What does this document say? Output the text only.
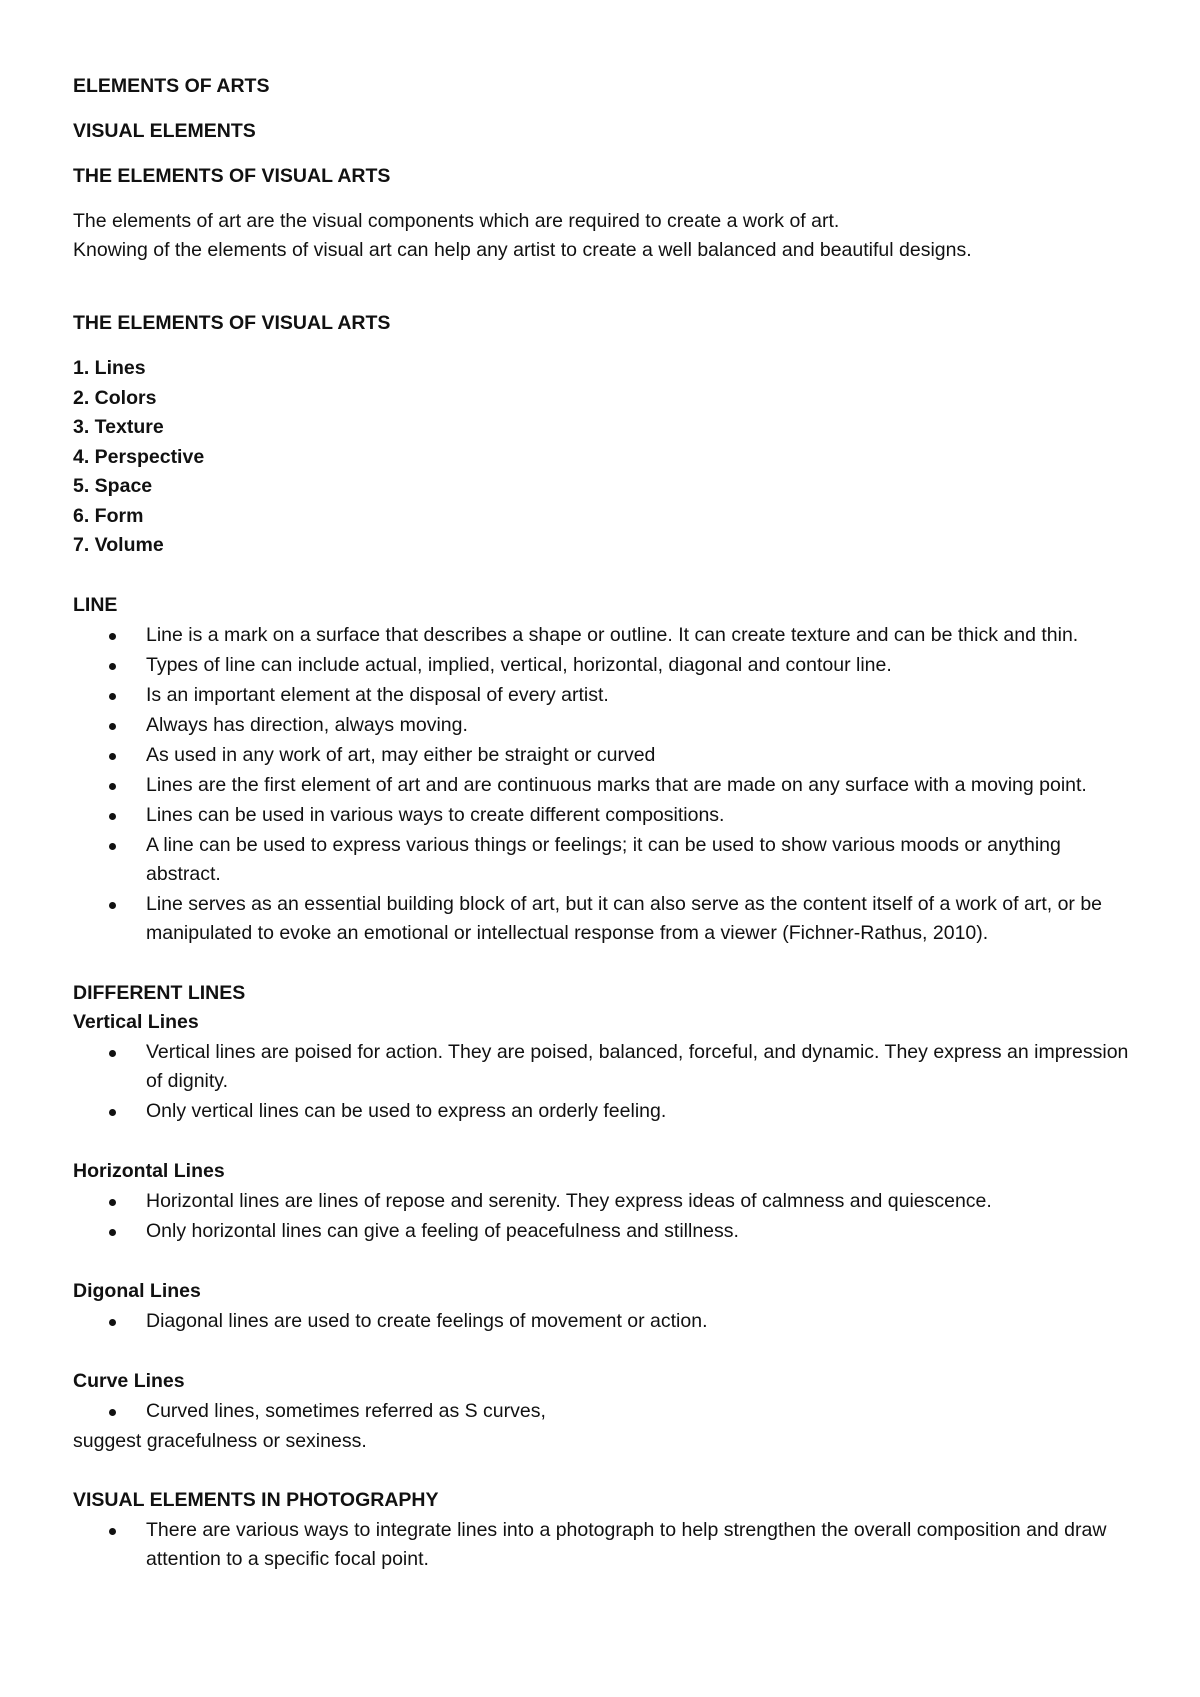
ELEMENTS OF ARTS

VISUAL ELEMENTS

THE ELEMENTS OF VISUAL ARTS

The elements of art are the visual components which are required to create a work of art.

Knowing of the elements of visual art can help any artist to create a well balanced and beautiful designs.

THE ELEMENTS OF VISUAL ARTS

1. Lines
2. Colors
3. Texture
4. Perspective
5. Space
6. Form
7. Volume

LINE

Line is a mark on a surface that describes a shape or outline. It can create texture and can be thick and thin.
Types of line can include actual, implied, vertical, horizontal, diagonal and contour line.
Is an important element at the disposal of every artist.
Always has direction, always moving.
As used in any work of art, may either be straight or curved
Lines are the first element of art and are continuous marks that are made on any surface with a moving point.
Lines can be used in various ways to create different compositions.
A line can be used to express various things or feelings; it can be used to show various moods or anything abstract.
Line serves as an essential building block of art, but it can also serve as the content itself of a work of art, or be manipulated to evoke an emotional or intellectual response from a viewer (Fichner-Rathus, 2010).

DIFFERENT LINES

Vertical Lines

Vertical lines are poised for action. They are poised, balanced, forceful, and dynamic. They express an impression of dignity.
Only vertical lines can be used to express an orderly feeling.

Horizontal Lines

Horizontal lines are lines of repose and serenity. They express ideas of calmness and quiescence.
Only horizontal lines can give a feeling of peacefulness and stillness.

Digonal Lines

Diagonal lines are used to create feelings of movement or action.

Curve Lines

Curved lines, sometimes referred as S curves,

suggest gracefulness or sexiness.

VISUAL ELEMENTS IN PHOTOGRAPHY

There are various ways to integrate lines into a photograph to help strengthen the overall composition and draw attention to a specific focal point.
